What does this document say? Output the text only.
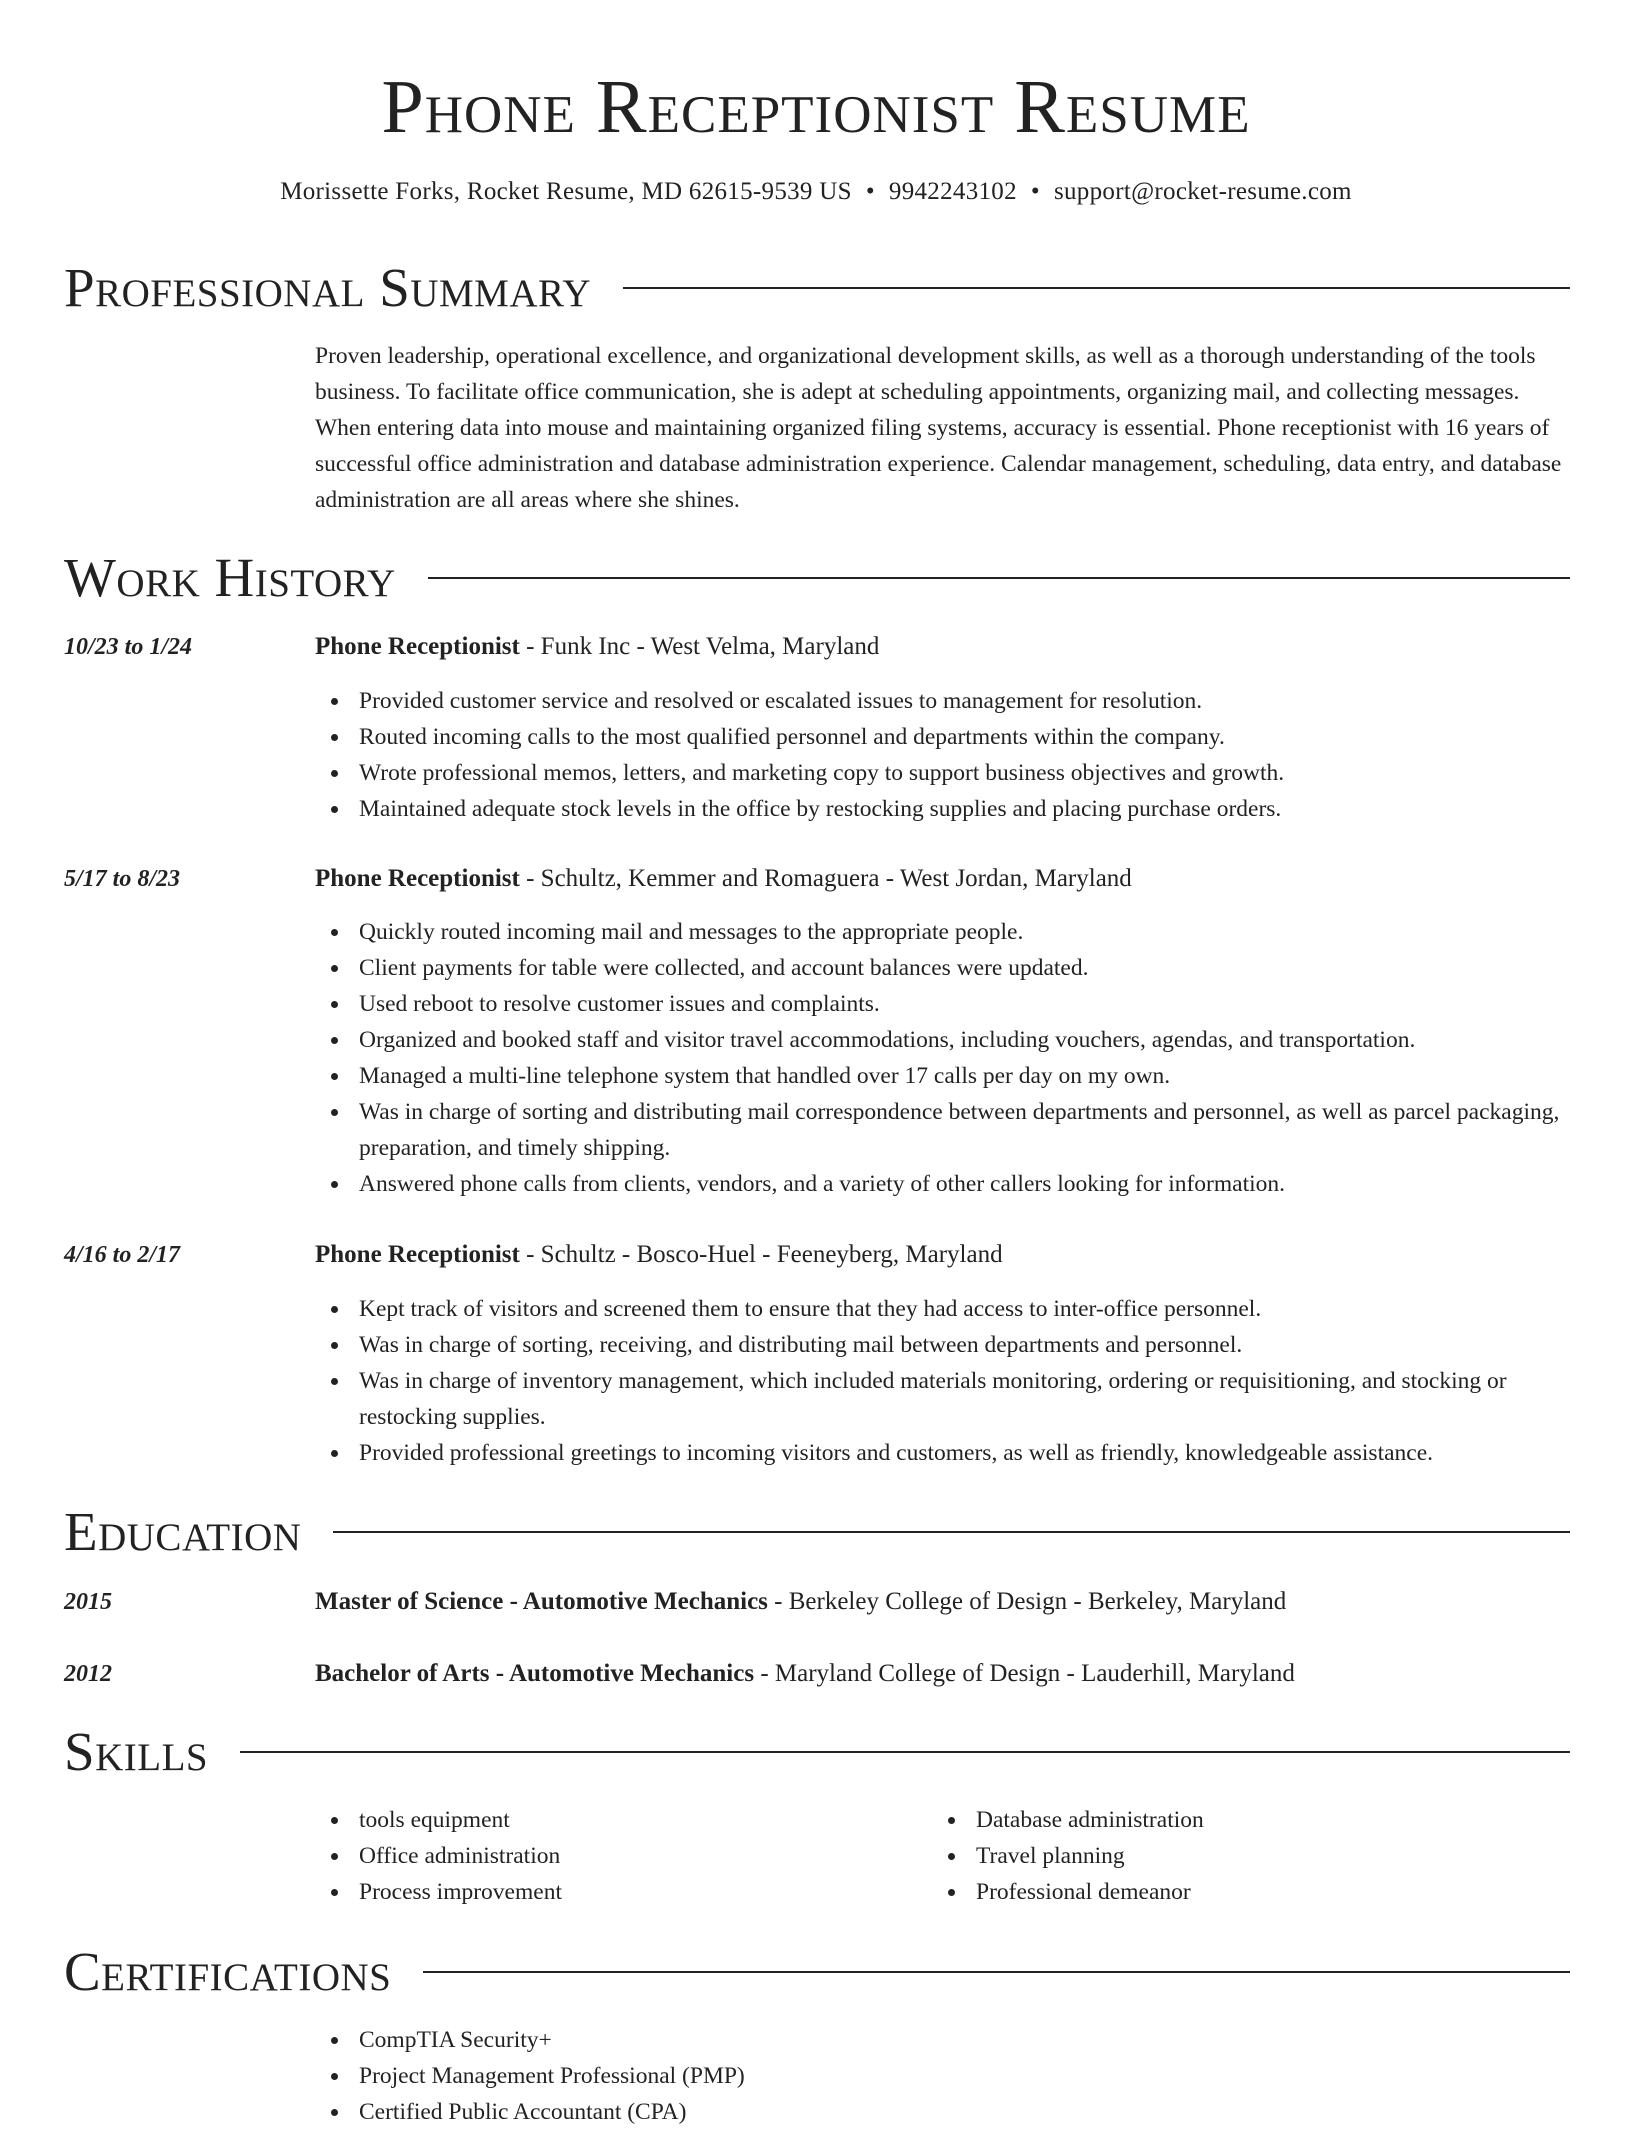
Phone Receptionist Resume
Morissette Forks, Rocket Resume, MD 62615-9539 US • 9942243102 • support@rocket-resume.com
Professional Summary
Proven leadership, operational excellence, and organizational development skills, as well as a thorough understanding of the tools business. To facilitate office communication, she is adept at scheduling appointments, organizing mail, and collecting messages. When entering data into mouse and maintaining organized filing systems, accuracy is essential. Phone receptionist with 16 years of successful office administration and database administration experience. Calendar management, scheduling, data entry, and database administration are all areas where she shines.
Work History
10/23 to 1/24	Phone Receptionist - Funk Inc - West Velma, Maryland
Provided customer service and resolved or escalated issues to management for resolution.
Routed incoming calls to the most qualified personnel and departments within the company.
Wrote professional memos, letters, and marketing copy to support business objectives and growth.
Maintained adequate stock levels in the office by restocking supplies and placing purchase orders.
5/17 to 8/23	Phone Receptionist - Schultz, Kemmer and Romaguera - West Jordan, Maryland
Quickly routed incoming mail and messages to the appropriate people.
Client payments for table were collected, and account balances were updated.
Used reboot to resolve customer issues and complaints.
Organized and booked staff and visitor travel accommodations, including vouchers, agendas, and transportation.
Managed a multi-line telephone system that handled over 17 calls per day on my own.
Was in charge of sorting and distributing mail correspondence between departments and personnel, as well as parcel packaging, preparation, and timely shipping.
Answered phone calls from clients, vendors, and a variety of other callers looking for information.
4/16 to 2/17	Phone Receptionist - Schultz - Bosco-Huel - Feeneyberg, Maryland
Kept track of visitors and screened them to ensure that they had access to inter-office personnel.
Was in charge of sorting, receiving, and distributing mail between departments and personnel.
Was in charge of inventory management, which included materials monitoring, ordering or requisitioning, and stocking or restocking supplies.
Provided professional greetings to incoming visitors and customers, as well as friendly, knowledgeable assistance.
Education
2015	Master of Science - Automotive Mechanics - Berkeley College of Design - Berkeley, Maryland
2012	Bachelor of Arts - Automotive Mechanics - Maryland College of Design - Lauderhill, Maryland
Skills
tools equipment
Office administration
Process improvement
Database administration
Travel planning
Professional demeanor
Certifications
CompTIA Security+
Project Management Professional (PMP)
Certified Public Accountant (CPA)
